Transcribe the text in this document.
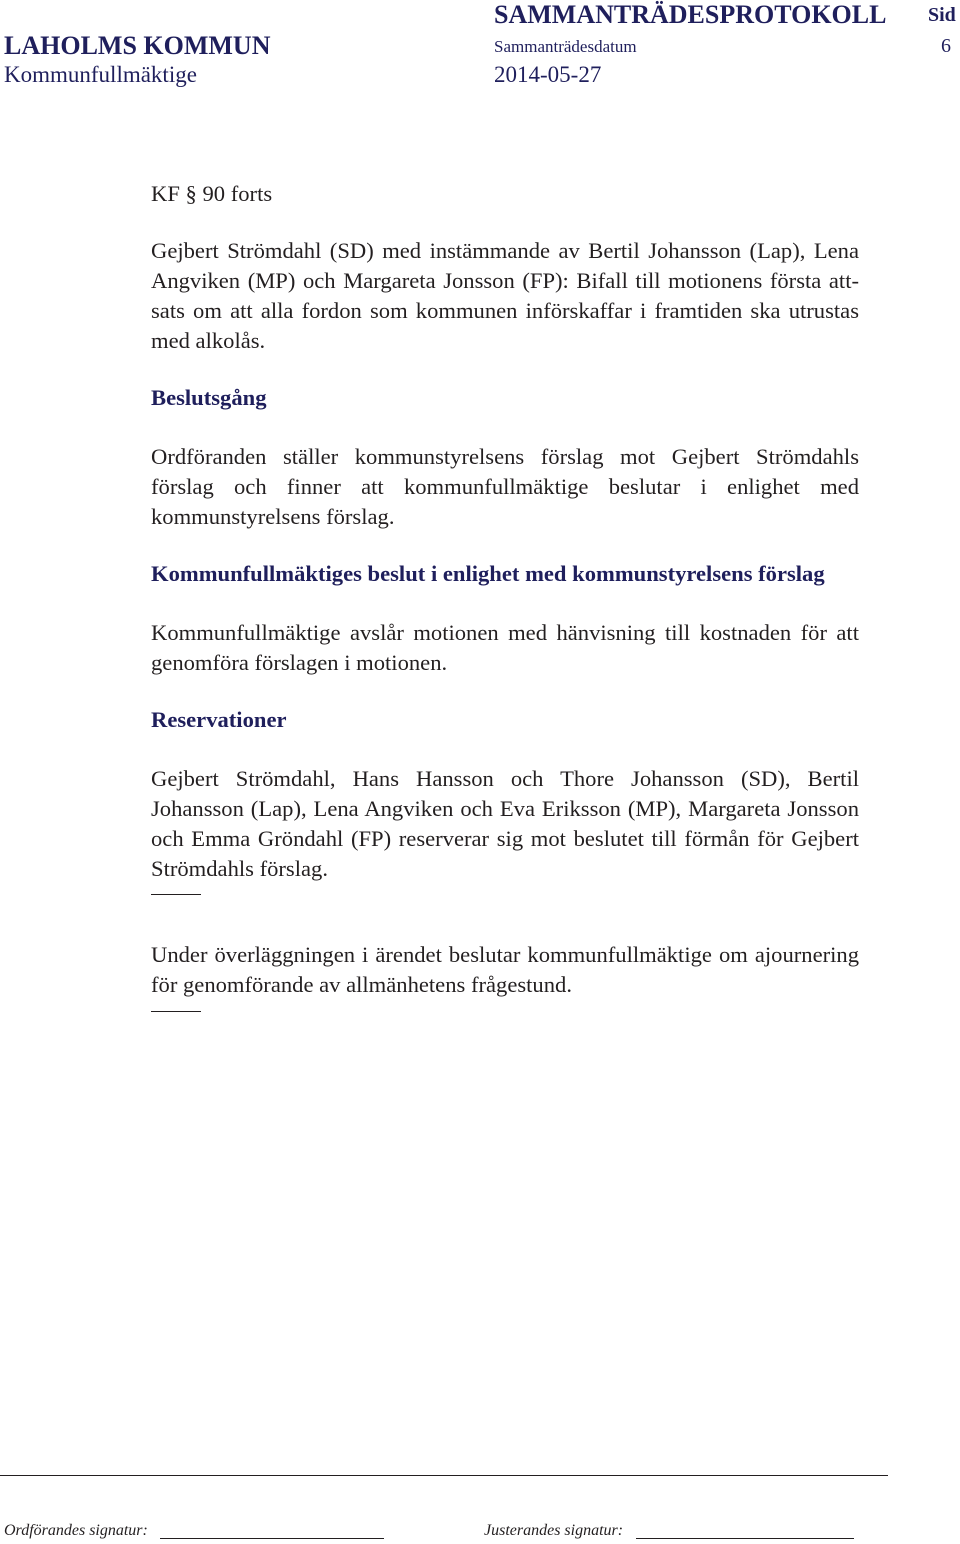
SAMMANTRÄDESPROTOKOLL Sid
LAHOLMS KOMMUN	Sammanträdesdatum	6
Kommunfullmäktige	2014-05-27

KF § 90 forts

Gejbert Strömdahl (SD) med instämmande av Bertil Johansson (Lap), Lena Angviken (MP) och Margareta Jonsson (FP): Bifall till motionens första att-sats om att alla fordon som kommunen införskaffar i framtiden ska utrustas med alkolås.

Beslutsgång

Ordföranden ställer kommunstyrelsens förslag mot Gejbert Strömdahls förslag och finner att kommunfullmäktige beslutar i enlighet med kommunstyrelsens förslag.

Kommunfullmäktiges beslut i enlighet med kommunstyrelsens förslag

Kommunfullmäktige avslår motionen med hänvisning till kostnaden för att genomföra förslagen i motionen.

Reservationer

Gejbert Strömdahl, Hans Hansson och Thore Johansson (SD), Bertil Johansson (Lap), Lena Angviken och Eva Eriksson (MP), Margareta Jonsson och Emma Gröndahl (FP) reserverar sig mot beslutet till förmån för Gejbert Strömdahls förslag.

Under överläggningen i ärendet beslutar kommunfullmäktige om ajournering för genomförande av allmänhetens frågestund.

Ordförandes signatur:	Justerandes signatur:
